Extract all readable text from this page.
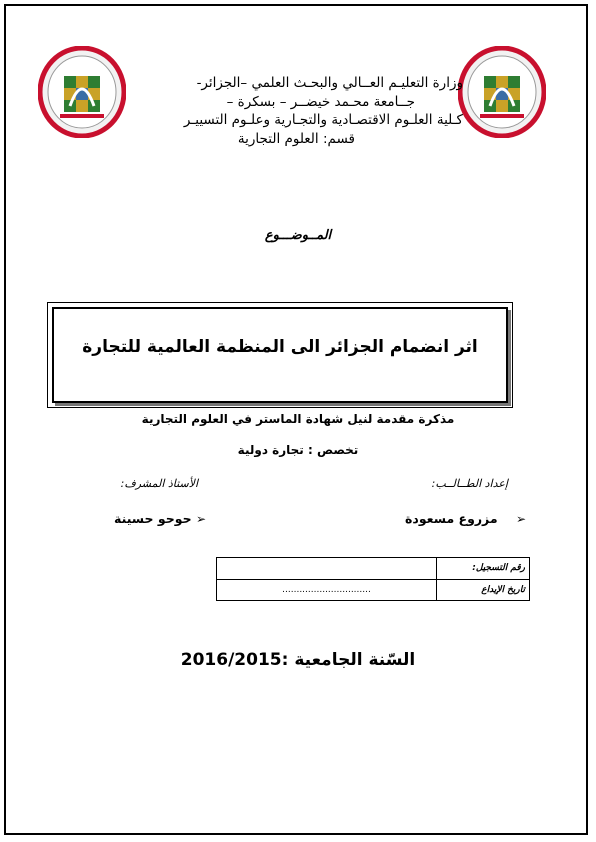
وزارة التعليـم العــالي والبحـث العلمي –الجزائر-
جــامعة محـمد خيضــر – بسكرة –
كـلية العلـوم الاقتصـادية والتجـارية وعلـوم التسييـر
قسم: العلوم التجارية
المــوضـــوع
اثر انضمام الجزائر الى المنظمة العالمية للتجارة
مذكرة مقدمة لنيل شهادة الماستر في العلوم التجارية
تخصص : تجارة دولية
إعداد الطــالــب:
الأستاذ المشرف:
➢ مزروع مسعودة
➢ حوحو حسينة
رقم التسجيل:	
تاريخ الإيداع	...............................
السّنة الجامعية :2016/2015
